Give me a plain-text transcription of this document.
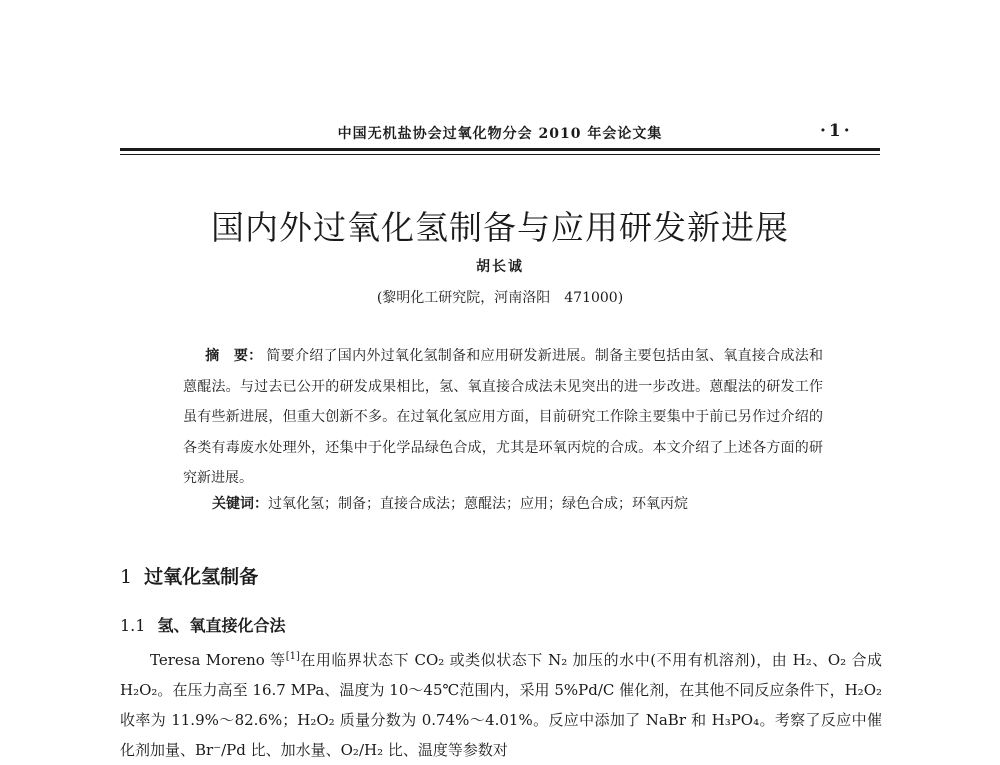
中国无机盐协会过氧化物分会 2010 年会论文集	·1·
国内外过氧化氢制备与应用研发新进展
胡长诚
(黎明化工研究院，河南洛阳　471000)
摘　要： 简要介绍了国内外过氧化氢制备和应用研发新进展。制备主要包括由氢、氧直接合成法和蒽醌法。与过去已公开的研发成果相比，氢、氧直接合成法未见突出的进一步改进。蒽醌法的研发工作虽有些新进展，但重大创新不多。在过氧化氢应用方面，目前研究工作除主要集中于前已另作过介绍的各类有毒废水处理外，还集中于化学品绿色合成，尤其是环氧丙烷的合成。本文介绍了上述各方面的研究新进展。
关键词：过氧化氢；制备；直接合成法；蒽醌法；应用；绿色合成；环氧丙烷
1 过氧化氢制备
1.1 氢、氧直接化合法
Teresa Moreno 等[1]在用临界状态下 CO₂ 或类似状态下 N₂ 加压的水中(不用有机溶剂)，由 H₂、O₂ 合成 H₂O₂。在压力高至 16.7 MPa、温度为 10～45℃范围内，采用 5%Pd/C 催化剂，在其他不同反应条件下，H₂O₂ 收率为 11.9%～82.6%；H₂O₂ 质量分数为 0.74%～4.01%。反应中添加了 NaBr 和 H₃PO₄。考察了反应中催化剂加量、Br⁻/Pd 比、加水量、O₂/H₂ 比、温度等参数对
